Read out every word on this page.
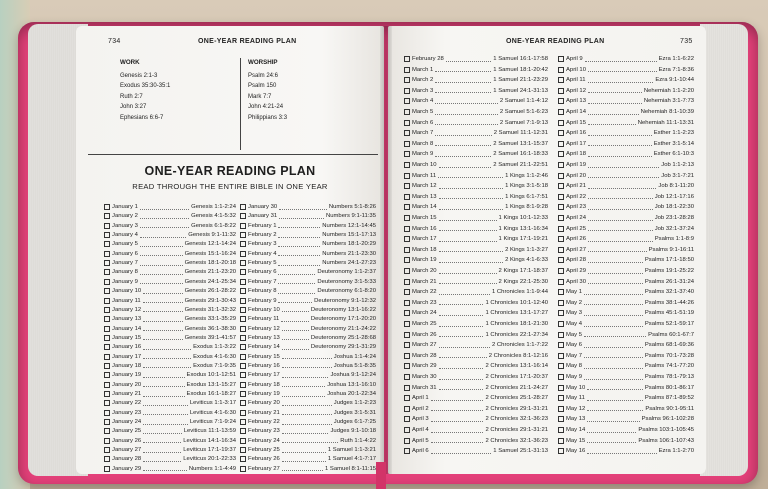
734	ONE-YEAR READING PLAN
WORK
Genesis 2:1-3
Exodus 35:30-35:1
Ruth 2:7
John 3:27
Ephesians 6:6-7
WORSHIP
Psalm 24:6
Psalm 150
Mark 7:7
John 4:21-24
Philippians 3:3
ONE-YEAR READING PLAN
READ THROUGH THE ENTIRE BIBLE IN ONE YEAR
January 1	Genesis 1:1-2:24
January 2	Genesis 4:1-5:32
January 3	Genesis 6:1-8:22
January 4	Genesis 9:1-11:32
January 5	Genesis 12:1-14:24
January 6	Genesis 15:1-16:24
January 7	Genesis 18:1-20:18
January 8	Genesis 21:1-23:20
January 9	Genesis 24:1-25:34
January 10	Genesis 26:1-28:22
January 11	Genesis 29:1-30:43
January 12	Genesis 31:1-32:32
January 13	Genesis 33:1-35:29
January 14	Genesis 36:1-38:30
January 15	Genesis 39:1-41:57
January 16	Exodus 1:1-3:22
January 17	Exodus 4:1-6:30
January 18	Exodus 7:1-9:35
January 19	Exodus 10:1-12:51
January 20	Exodus 13:1-15:27
January 21	Exodus 16:1-18:27
January 22	Leviticus 1:1-3:17
January 23	Leviticus 4:1-6:30
January 24	Leviticus 7:1-9:24
January 25	Leviticus 11:1-13:59
January 26	Leviticus 14:1-16:34
January 27	Leviticus 17:1-19:37
January 28	Leviticus 20:1-22:33
January 29	Numbers 1:1-4:49
January 30	Numbers 5:1-8:26
January 31	Numbers 9:1-11:35
February 1	Numbers 12:1-14:45
February 2	Numbers 15:1-17:13
February 3	Numbers 18:1-20:29
February 4	Numbers 21:1-23:30
February 5	Numbers 24:1-27:23
February 6	Deuteronomy 1:1-2:37
February 7	Deuteronomy 3:1-5:33
February 8	Deuteronomy 6:1-8:20
February 9	Deuteronomy 9:1-12:32
February 10	Deuteronomy 13:1-16:22
February 11	Deuteronomy 17:1-20:20
February 12	Deuteronomy 21:1-24:22
February 13	Deuteronomy 25:1-28:68
February 14	Deuteronomy 29:1-31:29
February 15	Joshua 1:1-4:24
February 16	Joshua 5:1-8:35
February 17	Joshua 9:1-12:24
February 18	Joshua 13:1-16:10
February 19	Joshua 20:1-22:34
February 20	Judges 1:1-2:23
February 21	Judges 3:1-5:31
February 22	Judges 6:1-7:25
February 23	Judges 9:1-10:18
February 24	Ruth 1:1-4:22
February 25	1 Samuel 1:1-3:21
February 26	1 Samuel 4:1-7:17
February 27	1 Samuel 8:1-11:15
ONE-YEAR READING PLAN	735
February 28	1 Samuel 16:1-17:58
March 1	1 Samuel 18:1-20:42
March 2	1 Samuel 21:1-23:29
March 3	1 Samuel 24:1-31:13
March 4	2 Samuel 1:1-4:12
March 5	2 Samuel 5:1-6:23
March 6	2 Samuel 7:1-9:13
March 7	2 Samuel 11:1-12:31
March 8	2 Samuel 13:1-15:37
March 9	2 Samuel 16:1-18:33
March 10	2 Samuel 21:1-22:51
March 11	1 Kings 1:1-2:46
March 12	1 Kings 3:1-5:18
March 13	1 Kings 6:1-7:51
March 14	1 Kings 8:1-9:28
March 15	1 Kings 10:1-12:33
March 16	1 Kings 13:1-16:34
March 17	1 Kings 17:1-19:21
March 18	2 Kings 1:1-3:27
March 19	2 Kings 4:1-6:33
March 20	2 Kings 17:1-18:37
March 21	2 Kings 22:1-25:30
March 22	1 Chronicles 1:1-9:44
March 23	1 Chronicles 10:1-12:40
March 24	1 Chronicles 13:1-17:27
March 25	1 Chronicles 18:1-21:30
March 26	1 Chronicles 22:1-27:34
March 27	2 Chronicles 1:1-7:22
March 28	2 Chronicles 8:1-12:16
March 29	2 Chronicles 13:1-16:14
March 30	2 Chronicles 17:1-20:37
March 31	2 Chronicles 21:1-24:27
April 1	2 Chronicles 25:1-28:27
April 2	2 Chronicles 29:1-31:21
April 3	2 Chronicles 32:1-36:23
April 4	2 Chronicles 29:1-31:21
April 5	2 Chronicles 32:1-36:23
April 6	1 Samuel 25:1-31:13
April 9	Ezra 1:1-6:22
April 10	Ezra 7:1-8:36
April 11	Ezra 9:1-10:44
April 12	Nehemiah 1:1-2:20
April 13	Nehemiah 3:1-7:73
April 14	Nehemiah 8:1-10:39
April 15	Nehemiah 11:1-13:31
April 16	Esther 1:1-2:23
April 17	Esther 3:1-5:14
April 18	Esther 6:1-10:3
April 19	Job 1:1-2:13
April 20	Job 3:1-7:21
April 21	Job 8:1-11:20
April 22	Job 12:1-17:16
April 23	Job 18:1-22:30
April 24	Job 23:1-28:28
April 25	Job 32:1-37:24
April 26	Psalms 1:1-8:9
April 27	Psalms 9:1-16:11
April 28	Psalms 17:1-18:50
April 29	Psalms 19:1-25:22
April 30	Psalms 26:1-31:24
May 1	Psalms 32:1-37:40
May 2	Psalms 38:1-44:26
May 3	Psalms 45:1-51:19
May 4	Psalms 52:1-59:17
May 5	Psalms 60:1-67:7
May 6	Psalms 68:1-69:36
May 7	Psalms 70:1-73:28
May 8	Psalms 74:1-77:20
May 9	Psalms 78:1-79:13
May 10	Psalms 80:1-86:17
May 11	Psalms 87:1-89:52
May 12	Psalms 90:1-95:11
May 13	Psalms 96:1-102:28
May 14	Psalms 103:1-105:45
May 15	Psalms 106:1-107:43
May 16	Ezra 1:1-2:70
